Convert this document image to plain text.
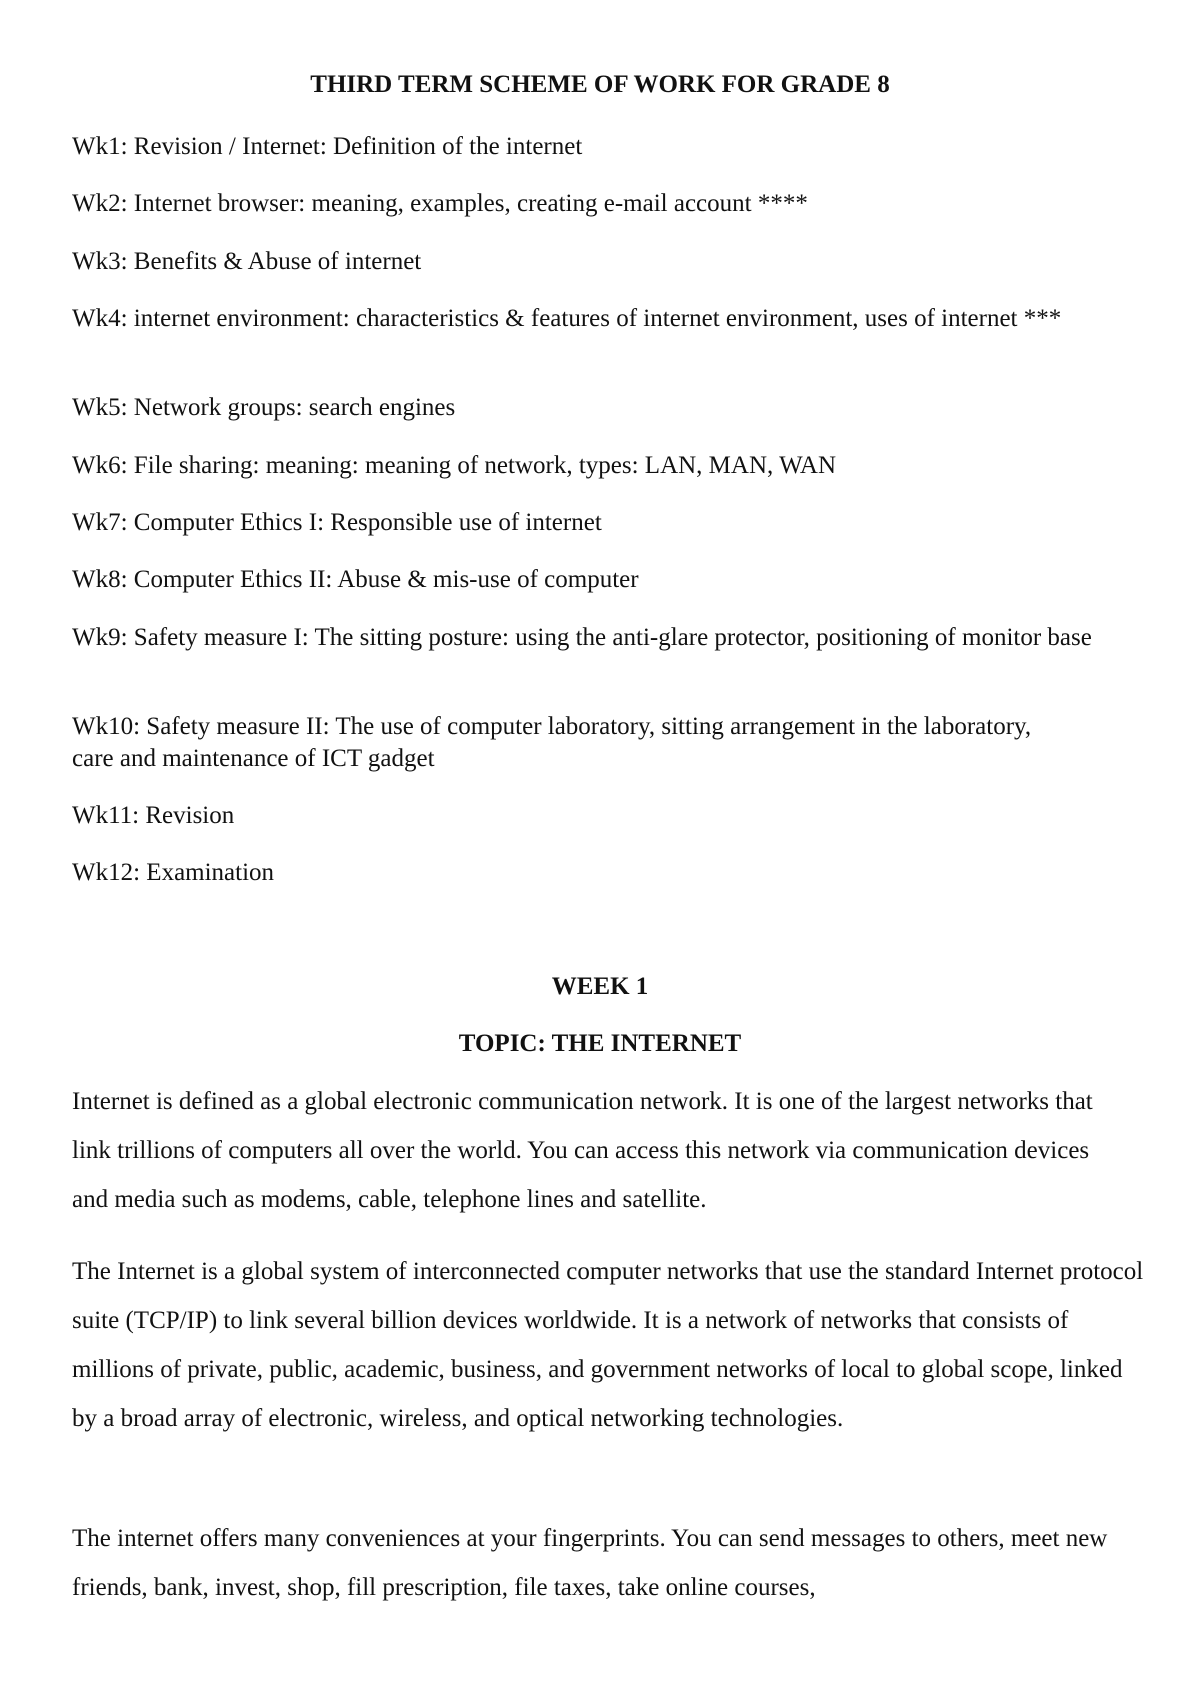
THIRD TERM SCHEME OF WORK FOR GRADE 8
Wk1: Revision / Internet: Definition of the internet
Wk2: Internet browser: meaning, examples, creating e-mail account ****
Wk3: Benefits & Abuse of internet
Wk4: internet environment: characteristics & features of internet environment, uses of internet ***
Wk5: Network groups: search engines
Wk6: File sharing: meaning: meaning of network, types: LAN, MAN, WAN
Wk7: Computer Ethics I: Responsible use of internet
Wk8: Computer Ethics II: Abuse & mis-use of computer
Wk9: Safety measure I: The sitting posture: using the anti-glare protector, positioning of monitor base
Wk10: Safety measure II: The use of computer laboratory, sitting arrangement in the laboratory, care and maintenance of ICT gadget
Wk11: Revision
Wk12: Examination
WEEK 1
TOPIC: THE INTERNET
Internet is defined as a global electronic communication network. It is one of the largest networks that link trillions of computers all over the world. You can access this network via communication devices and media such as modems, cable, telephone lines and satellite.
The Internet is a global system of interconnected computer networks that use the standard Internet protocol suite (TCP/IP) to link several billion devices worldwide. It is a network of networks that consists of millions of private, public, academic, business, and government networks of local to global scope, linked by a broad array of electronic, wireless, and optical networking technologies.
The internet offers many conveniences at your fingerprints. You can send messages to others, meet new friends, bank, invest, shop, fill prescription, file taxes, take online courses,
